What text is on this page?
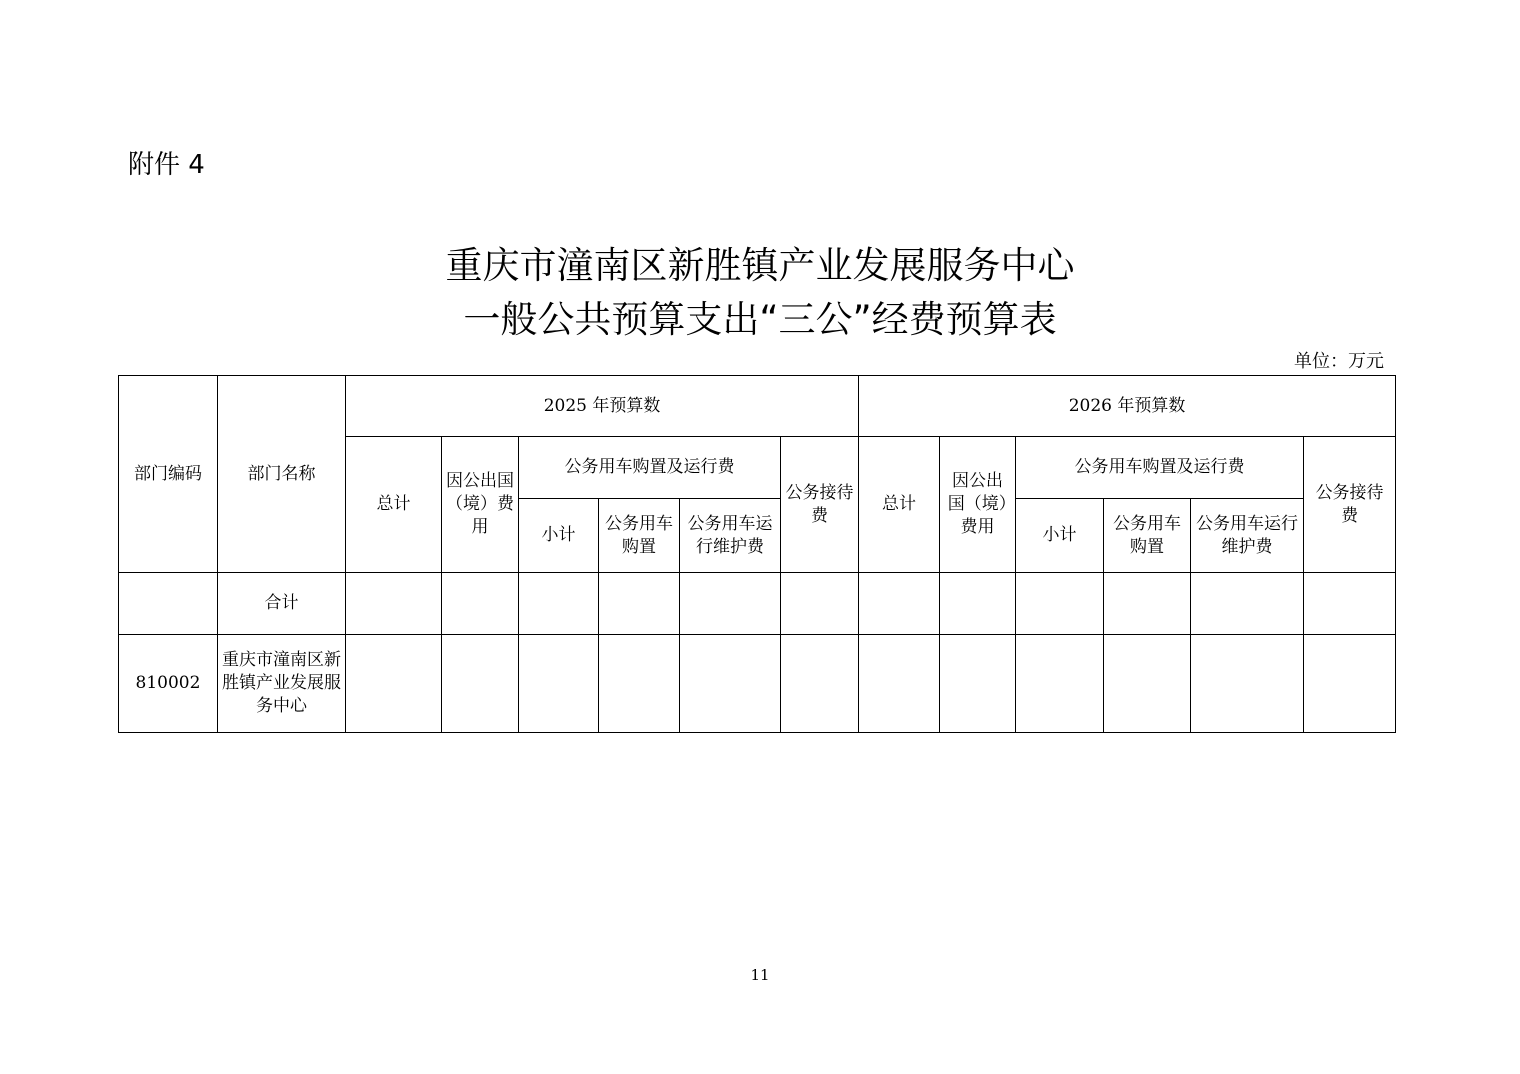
附件 4
重庆市潼南区新胜镇产业发展服务中心
一般公共预算支出“三公”经费预算表
单位：万元
部门编码	部门名称	2025 年预算数						2026 年预算数					
		总计	因公出国（境）费用	公务用车购置及运行费			公务接待费	总计	因公出国（境）费用	公务用车购置及运行费			公务接待费
				小计	公务用车购置	公务用车运行维护费				小计	公务用车购置	公务用车运行维护费	
	合计												
810002	重庆市潼南区新胜镇产业发展服务中心												
11
